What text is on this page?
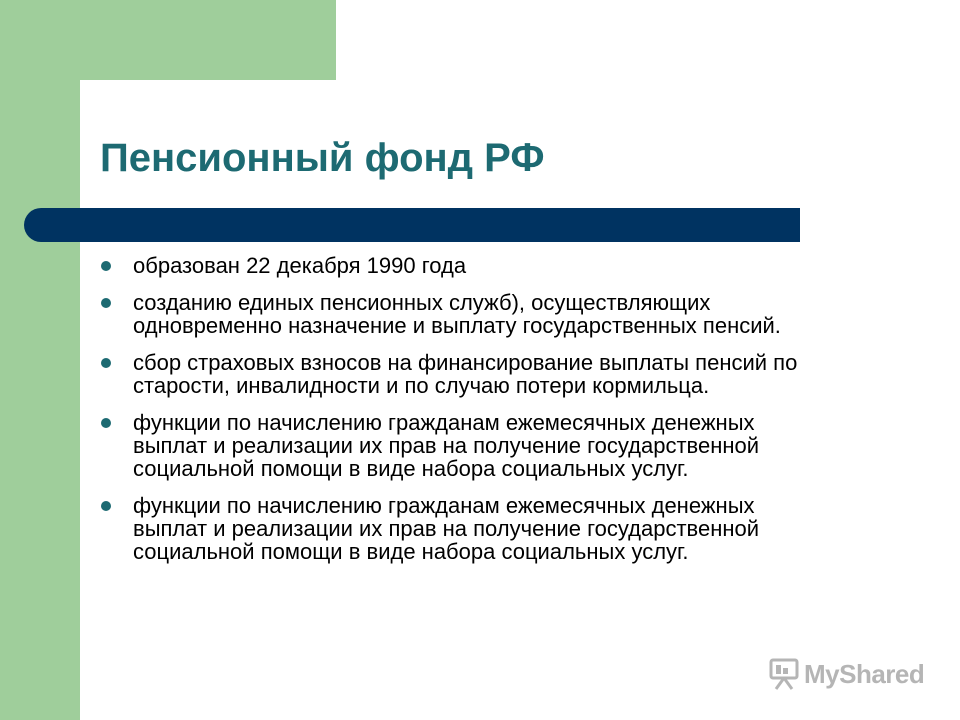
Пенсионный фонд РФ
образован 22 декабря 1990 года
созданию единых пенсионных служб), осуществляющих одновременно назначение и выплату государственных пенсий.
сбор страховых взносов на финансирование выплаты пенсий по старости, инвалидности и по случаю потери кормильца.
функции по начислению гражданам ежемесячных денежных выплат и реализации их прав на получение государственной социальной помощи в виде набора социальных услуг.
функции по начислению гражданам ежемесячных денежных выплат и реализации их прав на получение государственной социальной помощи в виде набора социальных услуг.
MyShared
